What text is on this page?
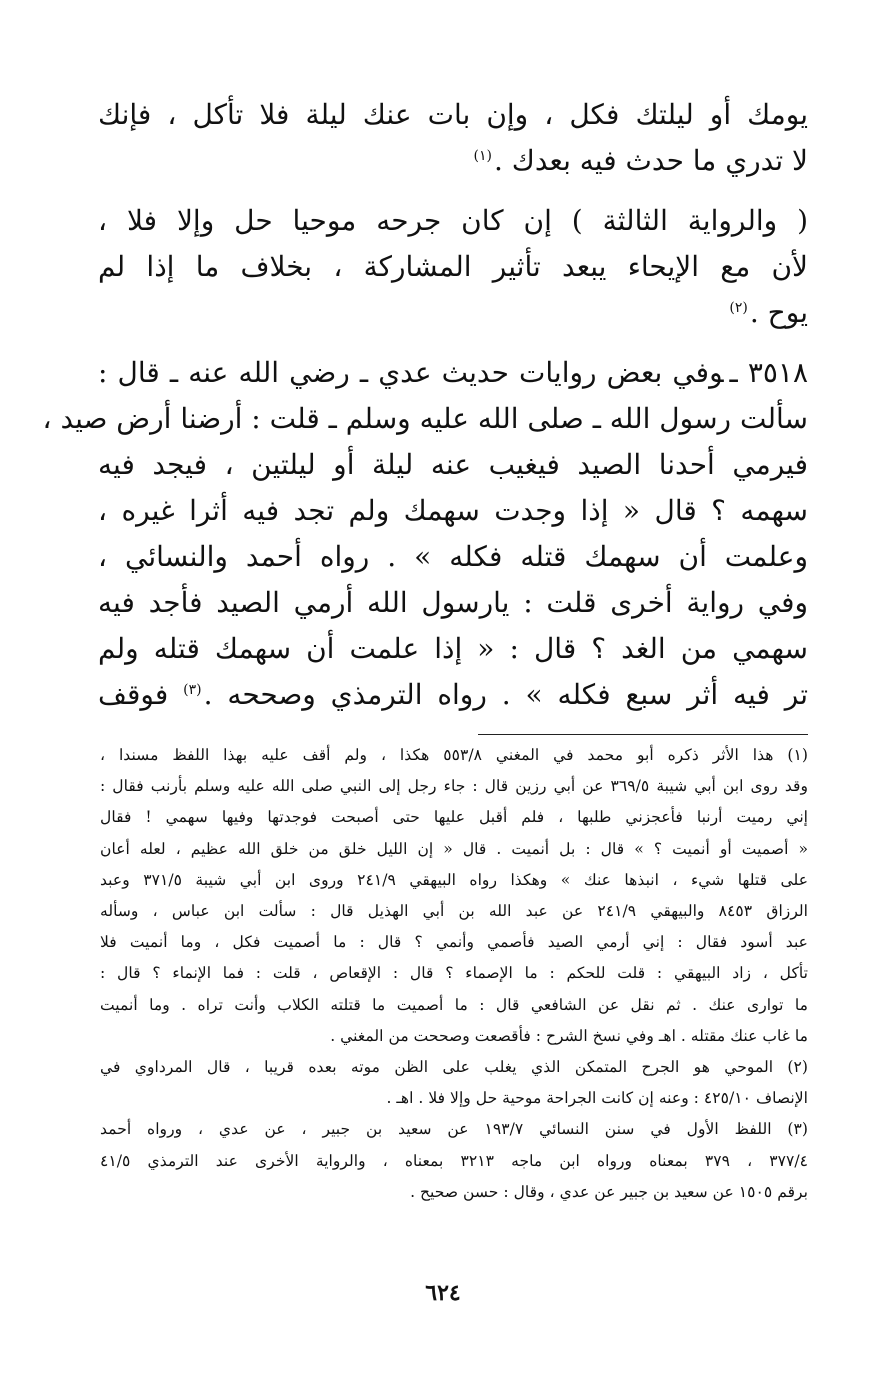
يومك أو ليلتك فكل ، وإن بات عنك ليلة فلا تأكل ، فإنك
لا تدري ما حدث فيه بعدك .$^{(١)}$
( والرواية الثالثة ) إن كان جرحه موحيا حل وإلا فلا ،
لأن مع الإيحاء يبعد تأثير المشاركة ، بخلاف ما إذا لم
يوح .$^{(٢)}$
٣٥١٨ ـوفي بعض روايات حديث عدي ـ رضي الله عنه ـ قال :
سألت رسول الله ـ صلى الله عليه وسلم ـ قلت : أرضنا أرض صيد ،
فيرمي أحدنا الصيد فيغيب عنه ليلة أو ليلتين ، فيجد فيه
سهمه ؟ قال « إذا وجدت سهمك ولم تجد فيه أثرا غيره ،
وعلمت أن سهمك قتله فكله » . رواه أحمد والنسائي ،
وفي رواية أخرى قلت : يارسول الله أرمي الصيد فأجد فيه
سهمي من الغد ؟ قال : « إذا علمت أن سهمك قتله ولم
تر فيه أثر سبع فكله » . رواه الترمذي وصححه .$^{(٣)}$ فوقف
(١) هذا الأثر ذكره أبو محمد في المغني ٥٥٣/٨ هكذا ، ولم أقف عليه بهذا اللفظ مسندا ،
وقد روى ابن أبي شيبة ٣٦٩/٥ عن أبي رزين قال : جاء رجل إلى النبي صلى الله عليه وسلم بأرنب فقال :
إني رميت أرنبا فأعجزني طلبها ، فلم أقبل عليها حتى أصبحت فوجدتها وفيها سهمي ! فقال
« أصميت أو أنميت ؟ » قال : بل أنميت . قال « إن الليل خلق من خلق الله عظيم ، لعله أعان
على قتلها شيء ، انبذها عنك » وهكذا رواه البيهقي ٢٤١/٩ وروى ابن أبي شيبة ٣٧١/٥ وعبد
الرزاق ٨٤٥٣ والبيهقي ٢٤١/٩ عن عبد الله بن أبي الهذيل قال : سألت ابن عباس ، وسأله
عبد أسود فقال : إني أرمي الصيد فأصمي وأنمي ؟ قال : ما أصميت فكل ، وما أنميت فلا
تأكل ، زاد البيهقي : قلت للحكم : ما الإصماء ؟ قال : الإقعاص ، قلت : فما الإنماء ؟ قال :
ما توارى عنك . ثم نقل عن الشافعي قال : ما أصميت ما قتلته الكلاب وأنت تراه . وما أنميت
ما غاب عنك مقتله . اهـ وفي نسخ الشرح : فأقصعت وصححت من المغني .
(٢) الموحي هو الجرح المتمكن الذي يغلب على الظن موته بعده قريبا ، قال المرداوي في
الإنصاف ٤٢٥/١٠ : وعنه إن كانت الجراحة موحية حل وإلا فلا . اهـ .
(٣) اللفظ الأول في سنن النسائي ١٩٣/٧ عن سعيد بن جبير ، عن عدي ، ورواه أحمد
٣٧٧/٤ ، ٣٧٩ بمعناه ورواه ابن ماجه ٣٢١٣ بمعناه ، والرواية الأخرى عند الترمذي ٤١/٥
برقم ١٥٠٥ عن سعيد بن جبير عن عدي ، وقال : حسن صحيح .
٦٢٤
